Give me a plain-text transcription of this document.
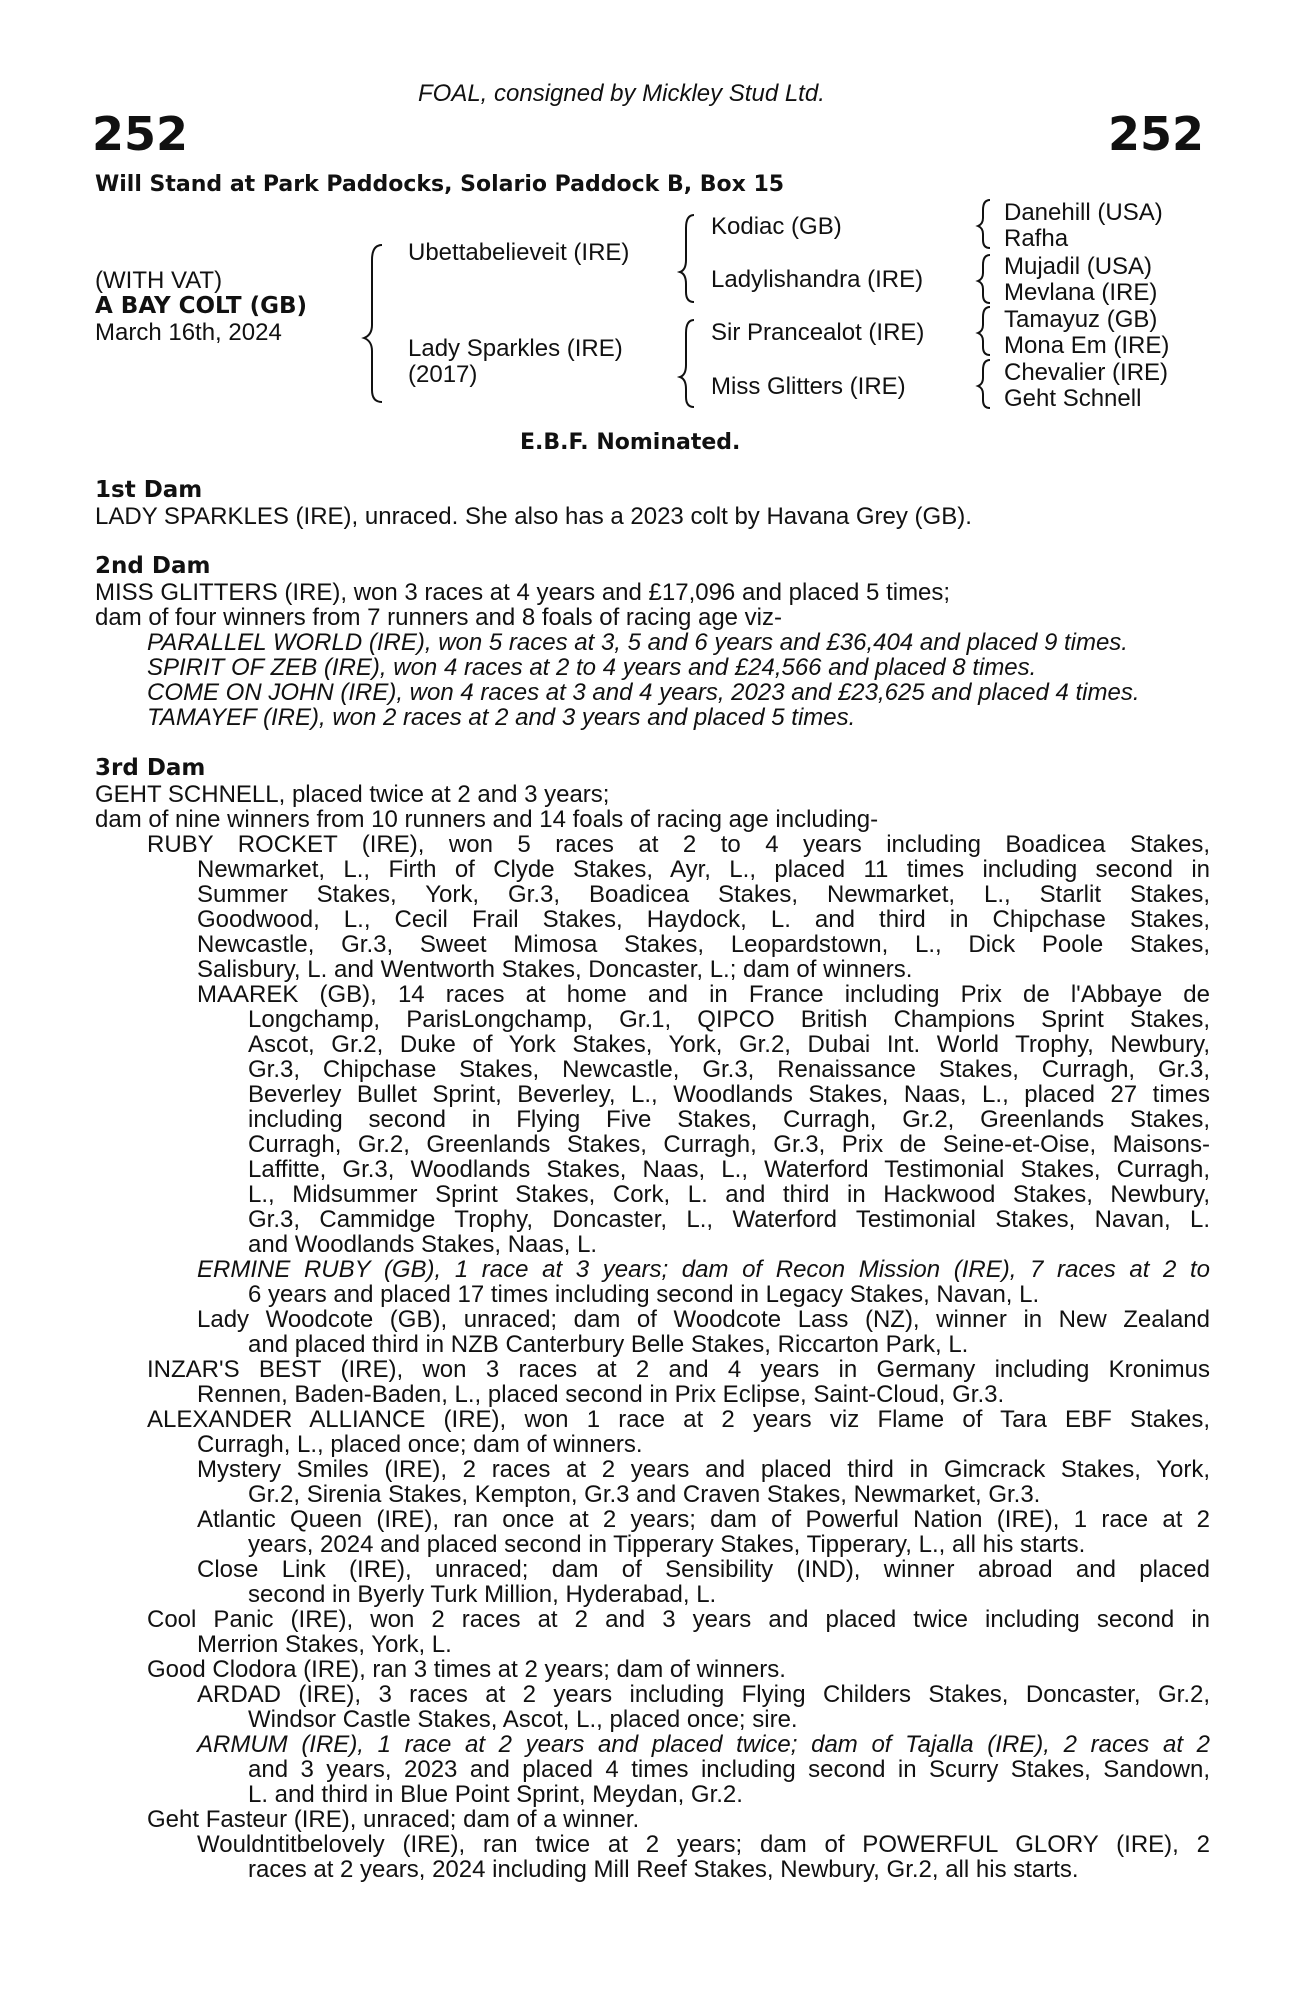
FOAL, consigned by Mickley Stud Ltd.
252	252
Will Stand at Park Paddocks, Solario Paddock B, Box 15
(WITH VAT)
A BAY COLT (GB)
March 16th, 2024
Ubettabelieveit (IRE)
Lady Sparkles (IRE)
(2017)
Kodiac (GB)
Ladylishandra (IRE)
Sir Prancealot (IRE)
Miss Glitters (IRE)
Danehill (USA)
Rafha
Mujadil (USA)
Mevlana (IRE)
Tamayuz (GB)
Mona Em (IRE)
Chevalier (IRE)
Geht Schnell
E.B.F. Nominated.
1st Dam
LADY SPARKLES (IRE), unraced. She also has a 2023 colt by Havana Grey (GB).
2nd Dam
MISS GLITTERS (IRE), won 3 races at 4 years and £17,096 and placed 5 times;
dam of four winners from 7 runners and 8 foals of racing age viz-
PARALLEL WORLD (IRE), won 5 races at 3, 5 and 6 years and £36,404 and placed 9 times.
SPIRIT OF ZEB (IRE), won 4 races at 2 to 4 years and £24,566 and placed 8 times.
COME ON JOHN (IRE), won 4 races at 3 and 4 years, 2023 and £23,625 and placed 4 times.
TAMAYEF (IRE), won 2 races at 2 and 3 years and placed 5 times.
3rd Dam
GEHT SCHNELL, placed twice at 2 and 3 years;
dam of nine winners from 10 runners and 14 foals of racing age including-
RUBY ROCKET (IRE), won 5 races at 2 to 4 years including Boadicea Stakes,
Newmarket, L., Firth of Clyde Stakes, Ayr, L., placed 11 times including second in
Summer Stakes, York, Gr.3, Boadicea Stakes, Newmarket, L., Starlit Stakes,
Goodwood, L., Cecil Frail Stakes, Haydock, L. and third in Chipchase Stakes,
Newcastle, Gr.3, Sweet Mimosa Stakes, Leopardstown, L., Dick Poole Stakes,
Salisbury, L. and Wentworth Stakes, Doncaster, L.; dam of winners.
MAAREK (GB), 14 races at home and in France including Prix de l'Abbaye de
Longchamp, ParisLongchamp, Gr.1, QIPCO British Champions Sprint Stakes,
Ascot, Gr.2, Duke of York Stakes, York, Gr.2, Dubai Int. World Trophy, Newbury,
Gr.3, Chipchase Stakes, Newcastle, Gr.3, Renaissance Stakes, Curragh, Gr.3,
Beverley Bullet Sprint, Beverley, L., Woodlands Stakes, Naas, L., placed 27 times
including second in Flying Five Stakes, Curragh, Gr.2, Greenlands Stakes,
Curragh, Gr.2, Greenlands Stakes, Curragh, Gr.3, Prix de Seine-et-Oise, Maisons-
Laffitte, Gr.3, Woodlands Stakes, Naas, L., Waterford Testimonial Stakes, Curragh,
L., Midsummer Sprint Stakes, Cork, L. and third in Hackwood Stakes, Newbury,
Gr.3, Cammidge Trophy, Doncaster, L., Waterford Testimonial Stakes, Navan, L.
and Woodlands Stakes, Naas, L.
ERMINE RUBY (GB), 1 race at 3 years; dam of Recon Mission (IRE), 7 races at 2 to
6 years and placed 17 times including second in Legacy Stakes, Navan, L.
Lady Woodcote (GB), unraced; dam of Woodcote Lass (NZ), winner in New Zealand
and placed third in NZB Canterbury Belle Stakes, Riccarton Park, L.
INZAR'S BEST (IRE), won 3 races at 2 and 4 years in Germany including Kronimus
Rennen, Baden-Baden, L., placed second in Prix Eclipse, Saint-Cloud, Gr.3.
ALEXANDER ALLIANCE (IRE), won 1 race at 2 years viz Flame of Tara EBF Stakes,
Curragh, L., placed once; dam of winners.
Mystery Smiles (IRE), 2 races at 2 years and placed third in Gimcrack Stakes, York,
Gr.2, Sirenia Stakes, Kempton, Gr.3 and Craven Stakes, Newmarket, Gr.3.
Atlantic Queen (IRE), ran once at 2 years; dam of Powerful Nation (IRE), 1 race at 2
years, 2024 and placed second in Tipperary Stakes, Tipperary, L., all his starts.
Close Link (IRE), unraced; dam of Sensibility (IND), winner abroad and placed
second in Byerly Turk Million, Hyderabad, L.
Cool Panic (IRE), won 2 races at 2 and 3 years and placed twice including second in
Merrion Stakes, York, L.
Good Clodora (IRE), ran 3 times at 2 years; dam of winners.
ARDAD (IRE), 3 races at 2 years including Flying Childers Stakes, Doncaster, Gr.2,
Windsor Castle Stakes, Ascot, L., placed once; sire.
ARMUM (IRE), 1 race at 2 years and placed twice; dam of Tajalla (IRE), 2 races at 2
and 3 years, 2023 and placed 4 times including second in Scurry Stakes, Sandown,
L. and third in Blue Point Sprint, Meydan, Gr.2.
Geht Fasteur (IRE), unraced; dam of a winner.
Wouldntitbelovely (IRE), ran twice at 2 years; dam of POWERFUL GLORY (IRE), 2
races at 2 years, 2024 including Mill Reef Stakes, Newbury, Gr.2, all his starts.
